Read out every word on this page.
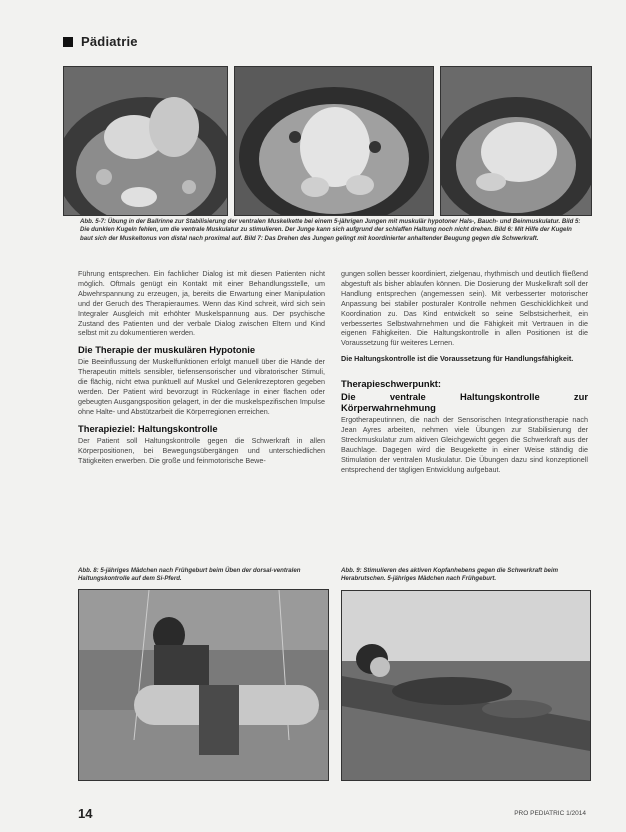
Pädiatrie
Abb. 5-7: Übung in der Ballrinne zur Stabilisierung der ventralen Muskelkette bei einem 5-jährigen Jungen mit muskulär hypotoner Hals-, Bauch- und Beinmuskulatur. Bild 5: Die dunklen Kugeln fehlen, um die ventrale Muskulatur zu stimulieren. Der Junge kann sich aufgrund der schlaffen Haltung noch nicht drehen. Bild 6: Mit Hilfe der Kugeln baut sich der Muskeltonus von distal nach proximal auf. Bild 7: Das Drehen des Jungen gelingt mit koordinierter anhaltender Beugung gegen die Schwerkraft.

Führung entsprechen. Ein fachlicher Dialog ist mit diesen Patienten nicht möglich. Oftmals genügt ein Kontakt mit einer Behandlungsstelle, um Abwehrspannung zu erzeugen, ja, bereits die Erwartung einer Manipulation und der Geruch des Therapieraumes. Wenn das Kind schreit, wird sich sein Integraler Ausgleich mit erhöhter Muskelspannung aus. Der psychische Zustand des Patienten und der verbale Dialog zwischen Eltern und Kind selbst mit zu dokumentieren werden.

Die Therapie der muskulären Hypotonie

Die Beeinflussung der Muskelfunktionen erfolgt manuell über die Hände der Therapeutin mittels sensibler, tiefensensorischer und vibratorischer Stimuli, die flächig, nicht etwa punktuell auf Muskel und Gelenkrezeptoren gegeben werden. Der Patient wird bevorzugt in Rückenlage in einer flachen oder gebeugten Ausgangsposition gelagert, in der die muskelspezifischen Impulse ohne Halte- und Abstützarbeit die Körperregionen erreichen.

Therapieziel: Haltungskontrolle

Der Patient soll Haltungskontrolle gegen die Schwerkraft in allen Körperpositionen, bei Bewegungsübergängen und unterschiedlichen Tätigkeiten erwerben. Die große und feinmotorische Bewe-

gungen sollen besser koordiniert, zielgenau, rhythmisch und deutlich fließend abgestuft als bisher ablaufen können. Die Dosierung der Muskelkraft soll der Handlung entsprechen (angemessen sein). Mit verbesserter motorischer Anpassung bei stabiler posturaler Kontrolle nehmen Geschicklichkeit und Koordination zu. Das Kind entwickelt so seine Selbstsicherheit, ein verbessertes Selbstwahrnehmen und die Fähigkeit mit Vertrauen in die eigenen Fähigkeiten. Die Haltungskontrolle in allen Positionen ist die Voraussetzung für weiteres Lernen.

Die Haltungskontrolle ist die Voraussetzung für Handlungsfähigkeit.

Therapieschwerpunkt:
Die ventrale Haltungskontrolle zur Körperwahrnehmung

Ergotherapeutinnen, die nach der Sensorischen Integrationstherapie nach Jean Ayres arbeiten, nehmen viele Übungen zur Stabilisierung der Streckmuskulatur zum aktiven Gleichgewicht gegen die Schwerkraft aus der Bauchlage. Dagegen wird die Beugekette in einer Weise ständig die Stimulation der ventralen Muskulatur. Die Übungen dazu sind konzeptionell entsprechend der tägligen Entwicklung aufgebaut.

Abb. 8: 5-jähriges Mädchen nach Frühgeburt beim Üben der dorsal-ventralen Haltungskontrolle auf dem Si-Pferd.
Abb. 9: Stimulieren des aktiven Kopfanhebens gegen die Schwerkraft beim Herabrutschen. 5-jähriges Mädchen nach Frühgeburt.
14	PRO PEDIATRIC 1/2014
